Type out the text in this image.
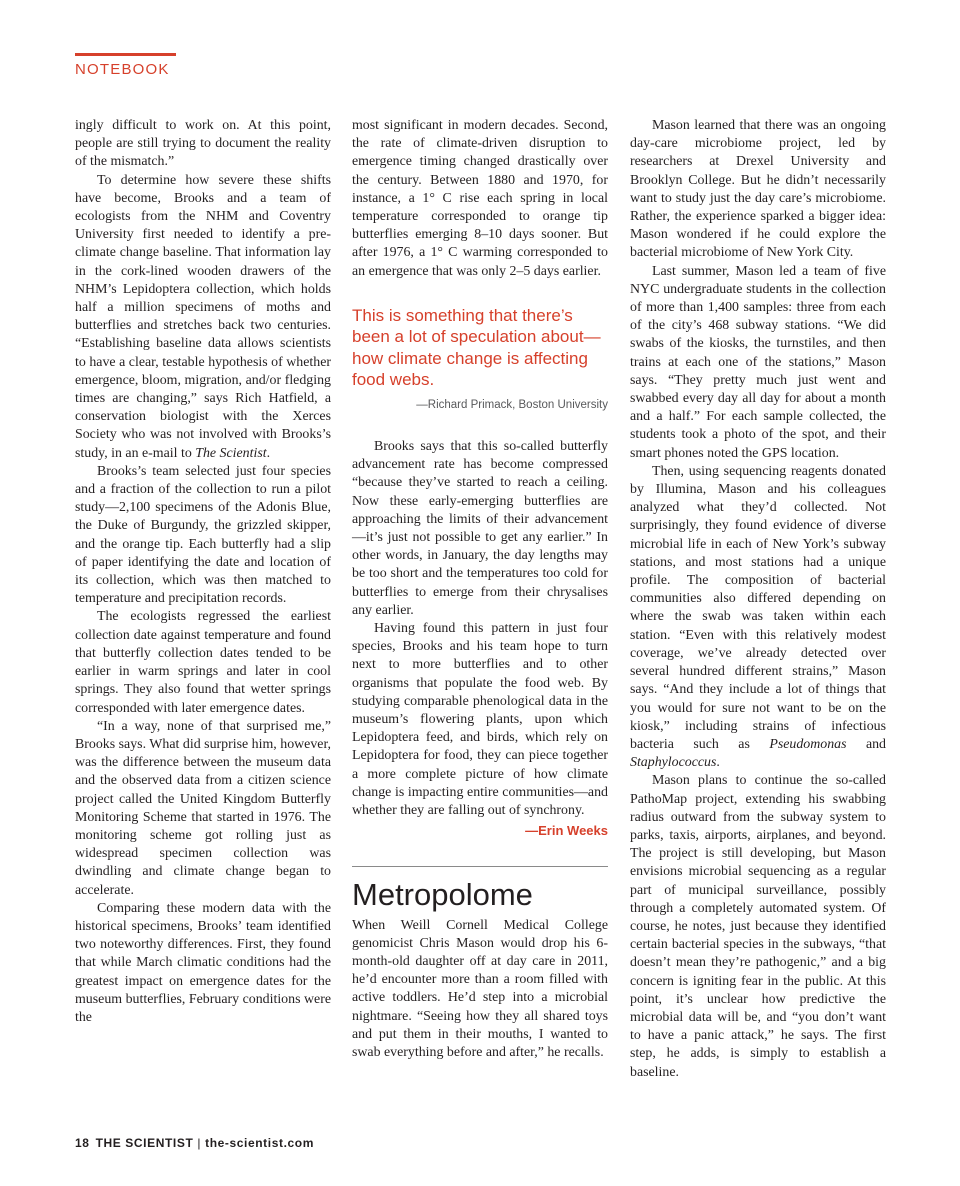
NOTEBOOK

ingly difficult to work on. At this point, people are still trying to document the reality of the mismatch.”

To determine how severe these shifts have become, Brooks and a team of ecologists from the NHM and Coventry University first needed to identify a pre-climate change baseline. That information lay in the cork-lined wooden drawers of the NHM’s Lepidoptera collection, which holds half a million specimens of moths and butterflies and stretches back two centuries. “Establishing baseline data allows scientists to have a clear, testable hypothesis of whether emergence, bloom, migration, and/or fledging times are changing,” says Rich Hatfield, a conservation biologist with the Xerces Society who was not involved with Brooks’s study, in an e-mail to The Scientist.

Brooks’s team selected just four species and a fraction of the collection to run a pilot study—2,100 specimens of the Adonis Blue, the Duke of Burgundy, the grizzled skipper, and the orange tip. Each butterfly had a slip of paper identifying the date and location of its collection, which was then matched to temperature and precipitation records.

The ecologists regressed the earliest collection date against temperature and found that butterfly collection dates tended to be earlier in warm springs and later in cool springs. They also found that wetter springs corresponded with later emergence dates.

“In a way, none of that surprised me,” Brooks says. What did surprise him, however, was the difference between the museum data and the observed data from a citizen science project called the United Kingdom Butterfly Monitoring Scheme that started in 1976. The monitoring scheme got rolling just as widespread specimen collection was dwindling and climate change began to accelerate.

Comparing these modern data with the historical specimens, Brooks’ team identified two noteworthy differences. First, they found that while March climatic conditions had the greatest impact on emergence dates for the museum butterflies, February conditions were the

most significant in modern decades. Second, the rate of climate-driven disruption to emergence timing changed drastically over the century. Between 1880 and 1970, for instance, a 1° C rise each spring in local temperature corresponded to orange tip butterflies emerging 8–10 days sooner. But after 1976, a 1° C warming corresponded to an emergence that was only 2–5 days earlier.

This is something that there’s been a lot of speculation about—how climate change is affecting food webs.
—Richard Primack, Boston University

Brooks says that this so-called butterfly advancement rate has become compressed “because they’ve started to reach a ceiling. Now these early-emerging butterflies are approaching the limits of their advancement—it’s just not possible to get any earlier.” In other words, in January, the day lengths may be too short and the temperatures too cold for butterflies to emerge from their chrysalises any earlier.

Having found this pattern in just four species, Brooks and his team hope to turn next to more butterflies and to other organisms that populate the food web. By studying comparable phenological data in the museum’s flowering plants, upon which Lepidoptera feed, and birds, which rely on Lepidoptera for food, they can piece together a more complete picture of how climate change is impacting entire communities—and whether they are falling out of synchrony.

—Erin Weeks
Metropolome

When Weill Cornell Medical College genomicist Chris Mason would drop his 6-month-old daughter off at day care in 2011, he’d encounter more than a room filled with active toddlers. He’d step into a microbial nightmare. “Seeing how they all shared toys and put them in their mouths, I wanted to swab everything before and after,” he recalls.

Mason learned that there was an ongoing day-care microbiome project, led by researchers at Drexel University and Brooklyn College. But he didn’t necessarily want to study just the day care’s microbiome. Rather, the experience sparked a bigger idea: Mason wondered if he could explore the bacterial microbiome of New York City.

Last summer, Mason led a team of five NYC undergraduate students in the collection of more than 1,400 samples: three from each of the city’s 468 subway stations. “We did swabs of the kiosks, the turnstiles, and then trains at each one of the stations,” Mason says. “They pretty much just went and swabbed every day all day for about a month and a half.” For each sample collected, the students took a photo of the spot, and their smart phones noted the GPS location.

Then, using sequencing reagents donated by Illumina, Mason and his colleagues analyzed what they’d collected. Not surprisingly, they found evidence of diverse microbial life in each of New York’s subway stations, and most stations had a unique profile. The composition of bacterial communities also differed depending on where the swab was taken within each station. “Even with this relatively modest coverage, we’ve already detected over several hundred different strains,” Mason says. “And they include a lot of things that you would for sure not want to be on the kiosk,” including strains of infectious bacteria such as Pseudomonas and Staphylococcus.

Mason plans to continue the so-called PathoMap project, extending his swabbing radius outward from the subway system to parks, taxis, airports, airplanes, and beyond. The project is still developing, but Mason envisions microbial sequencing as a regular part of municipal surveillance, possibly through a completely automated system. Of course, he notes, just because they identified certain bacterial species in the subways, “that doesn’t mean they’re pathogenic,” and a big concern is igniting fear in the public. At this point, it’s unclear how predictive the microbial data will be, and “you don’t want to have a panic attack,” he says. The first step, he adds, is simply to establish a baseline.

18 THE SCIENTIST | the-scientist.com
